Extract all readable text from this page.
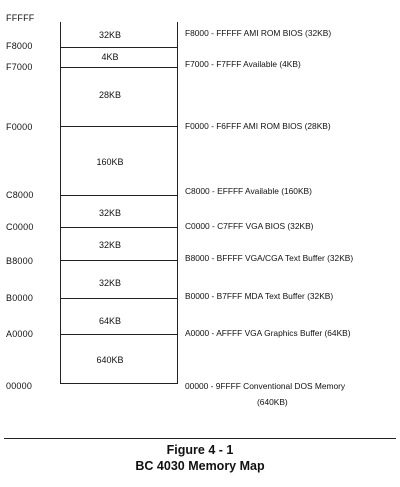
FFFFF
F8000
F7000
F0000
C8000
C0000
B8000
B0000
A0000
00000
32KB
4KB
28KB
160KB
32KB
32KB
32KB
64KB
640KB
F8000 - FFFFF AMI ROM BIOS (32KB)
F7000 - F7FFF Available (4KB)
F0000 - F6FFF AMI ROM BIOS (28KB)
C8000 - EFFFF Available (160KB)
C0000 - C7FFF VGA BIOS (32KB)
B8000 - BFFFF VGA/CGA Text Buffer (32KB)
B0000 - B7FFF MDA Text Buffer (32KB)
A0000 - AFFFF VGA Graphics Buffer (64KB)
00000 - 9FFFF Conventional DOS Memory
(640KB)
Figure 4 - 1
BC 4030 Memory Map
